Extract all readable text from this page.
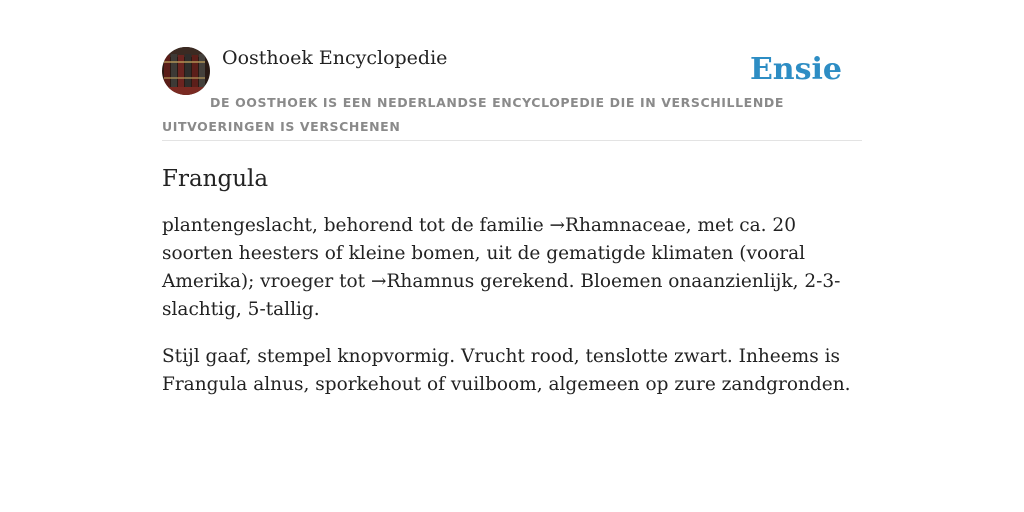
Oosthoek Encyclopedie	Ensie

DE OOSTHOEK IS EEN NEDERLANDSE ENCYCLOPEDIE DIE IN VERSCHILLENDE UITVOERINGEN IS VERSCHENEN

Frangula

plantengeslacht, behorend tot de familie →Rhamnaceae, met ca. 20 soorten heesters of kleine bomen, uit de gematigde klimaten (vooral Amerika); vroeger tot →Rhamnus gerekend. Bloemen onaanzienlijk, 2-3-slachtig, 5-tallig.

Stijl gaaf, stempel knopvormig. Vrucht rood, tenslotte zwart. Inheems is Frangula alnus, sporkehout of vuilboom, algemeen op zure zandgronden.
